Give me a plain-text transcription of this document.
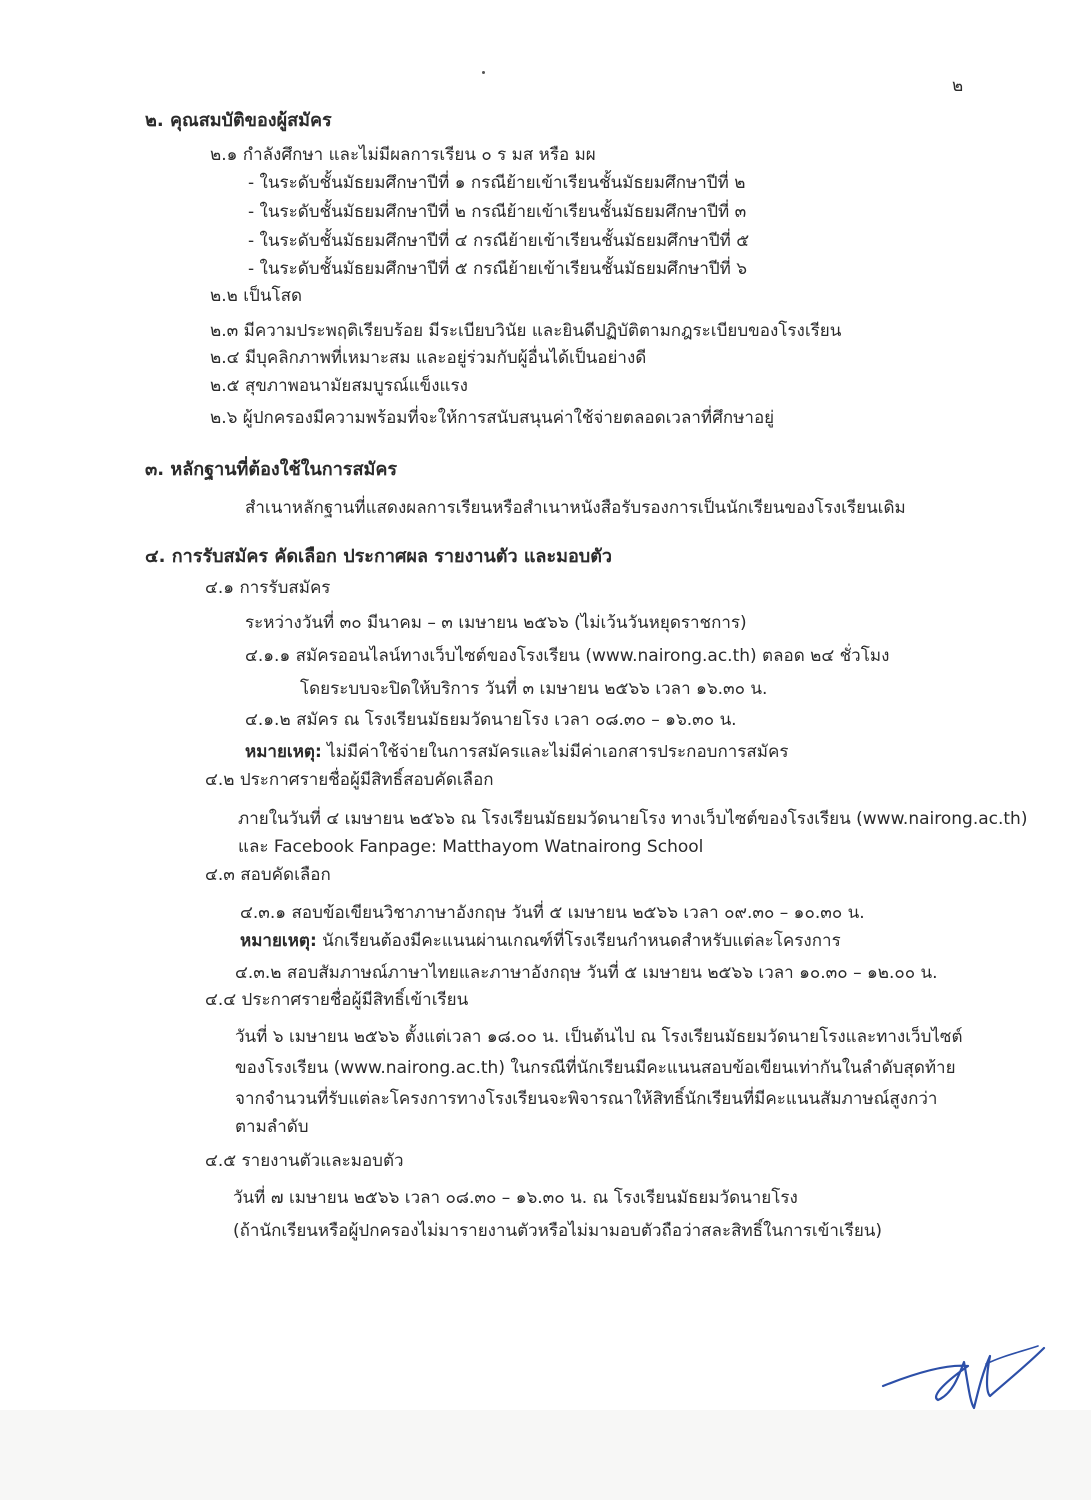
๒
๒. คุณสมบัติของผู้สมัคร
๒.๑ กำลังศึกษา และไม่มีผลการเรียน ๐ ร มส หรือ มผ
- ในระดับชั้นมัธยมศึกษาปีที่ ๑ กรณีย้ายเข้าเรียนชั้นมัธยมศึกษาปีที่ ๒
- ในระดับชั้นมัธยมศึกษาปีที่ ๒ กรณีย้ายเข้าเรียนชั้นมัธยมศึกษาปีที่ ๓
- ในระดับชั้นมัธยมศึกษาปีที่ ๔ กรณีย้ายเข้าเรียนชั้นมัธยมศึกษาปีที่ ๕
- ในระดับชั้นมัธยมศึกษาปีที่ ๕ กรณีย้ายเข้าเรียนชั้นมัธยมศึกษาปีที่ ๖
๒.๒ เป็นโสด
๒.๓ มีความประพฤติเรียบร้อย มีระเบียบวินัย และยินดีปฏิบัติตามกฎระเบียบของโรงเรียน
๒.๔ มีบุคลิกภาพที่เหมาะสม และอยู่ร่วมกับผู้อื่นได้เป็นอย่างดี
๒.๕ สุขภาพอนามัยสมบูรณ์แข็งแรง
๒.๖ ผู้ปกครองมีความพร้อมที่จะให้การสนับสนุนค่าใช้จ่ายตลอดเวลาที่ศึกษาอยู่
๓. หลักฐานที่ต้องใช้ในการสมัคร
สำเนาหลักฐานที่แสดงผลการเรียนหรือสำเนาหนังสือรับรองการเป็นนักเรียนของโรงเรียนเดิม
๔. การรับสมัคร คัดเลือก ประกาศผล รายงานตัว และมอบตัว
๔.๑ การรับสมัคร
ระหว่างวันที่ ๓๐ มีนาคม – ๓ เมษายน ๒๕๖๖ (ไม่เว้นวันหยุดราชการ)
๔.๑.๑ สมัครออนไลน์ทางเว็บไซต์ของโรงเรียน (www.nairong.ac.th) ตลอด ๒๔ ชั่วโมง
โดยระบบจะปิดให้บริการ วันที่ ๓ เมษายน ๒๕๖๖ เวลา ๑๖.๓๐ น.
๔.๑.๒ สมัคร ณ โรงเรียนมัธยมวัดนายโรง เวลา ๐๘.๓๐ – ๑๖.๓๐ น.
หมายเหตุ: ไม่มีค่าใช้จ่ายในการสมัครและไม่มีค่าเอกสารประกอบการสมัคร
๔.๒ ประกาศรายชื่อผู้มีสิทธิ์สอบคัดเลือก
ภายในวันที่ ๔ เมษายน ๒๕๖๖ ณ โรงเรียนมัธยมวัดนายโรง ทางเว็บไซต์ของโรงเรียน (www.nairong.ac.th)
และ Facebook Fanpage: Matthayom Watnairong School
๔.๓ สอบคัดเลือก
๔.๓.๑ สอบข้อเขียนวิชาภาษาอังกฤษ วันที่ ๕ เมษายน ๒๕๖๖ เวลา ๐๙.๓๐ – ๑๐.๓๐ น.
หมายเหตุ: นักเรียนต้องมีคะแนนผ่านเกณฑ์ที่โรงเรียนกำหนดสำหรับแต่ละโครงการ
๔.๓.๒ สอบสัมภาษณ์ภาษาไทยและภาษาอังกฤษ วันที่ ๕ เมษายน ๒๕๖๖ เวลา ๑๐.๓๐ – ๑๒.๐๐ น.
๔.๔ ประกาศรายชื่อผู้มีสิทธิ์เข้าเรียน
วันที่ ๖ เมษายน ๒๕๖๖ ตั้งแต่เวลา ๑๘.๐๐ น. เป็นต้นไป ณ โรงเรียนมัธยมวัดนายโรงและทางเว็บไซต์
ของโรงเรียน (www.nairong.ac.th) ในกรณีที่นักเรียนมีคะแนนสอบข้อเขียนเท่ากันในลำดับสุดท้าย
จากจำนวนที่รับแต่ละโครงการทางโรงเรียนจะพิจารณาให้สิทธิ์นักเรียนที่มีคะแนนสัมภาษณ์สูงกว่า
ตามลำดับ
๔.๕ รายงานตัวและมอบตัว
วันที่ ๗ เมษายน ๒๕๖๖ เวลา ๐๘.๓๐ – ๑๖.๓๐ น. ณ โรงเรียนมัธยมวัดนายโรง
(ถ้านักเรียนหรือผู้ปกครองไม่มารายงานตัวหรือไม่มามอบตัวถือว่าสละสิทธิ์ในการเข้าเรียน)
